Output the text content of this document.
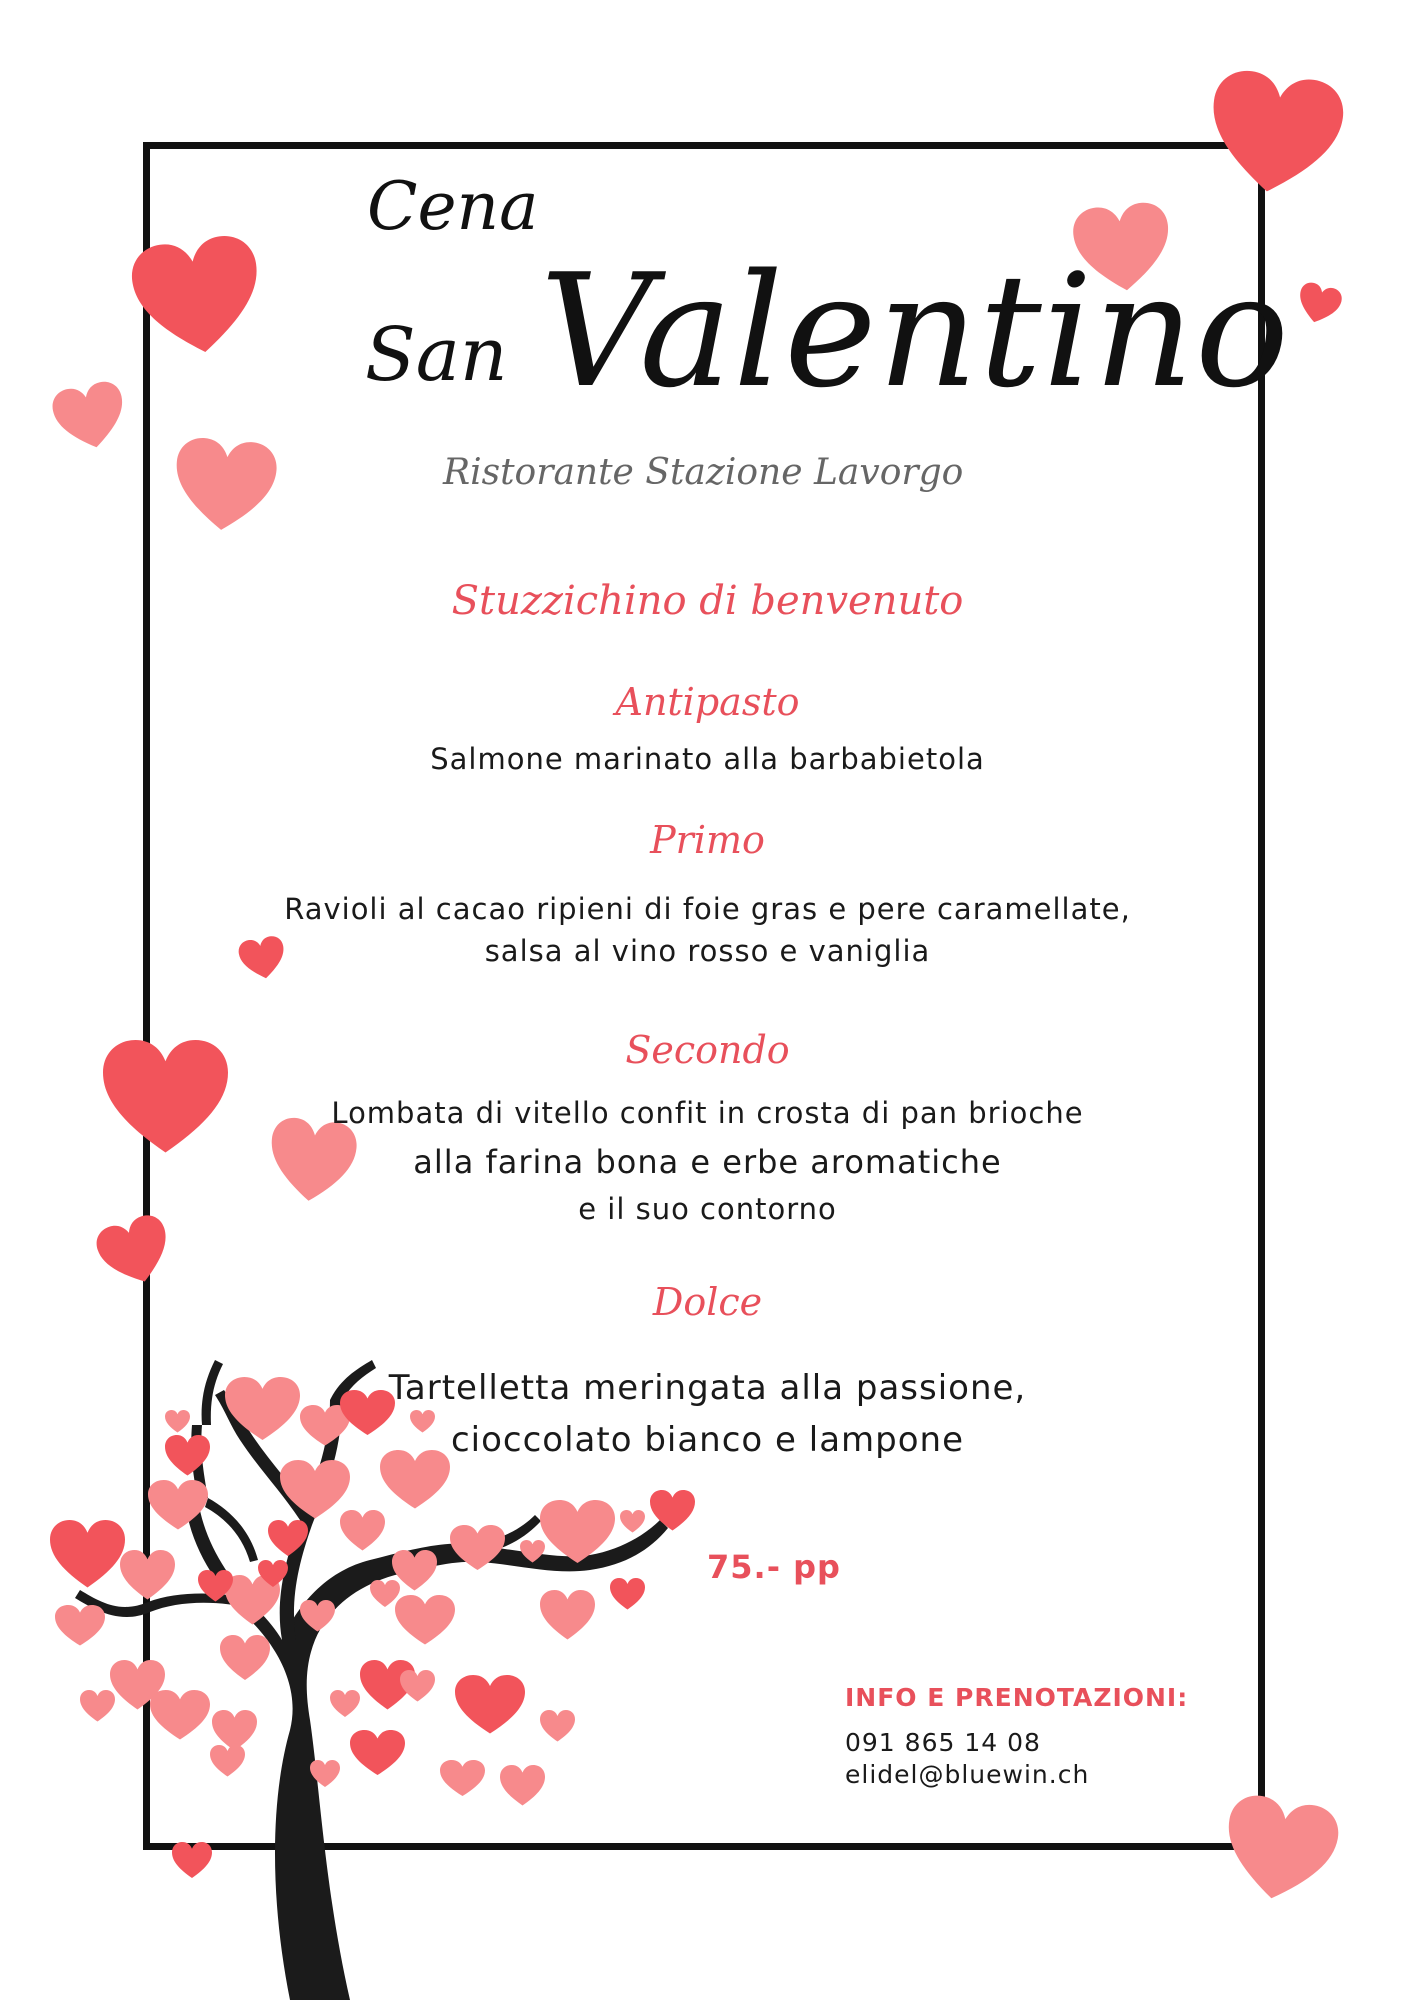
Cena
San Valentino
Ristorante Stazione Lavorgo
Stuzzichino di benvenuto
Antipasto
Salmone marinato alla barbabietola
Primo
Ravioli al cacao ripieni di foie gras e pere caramellate,
salsa al vino rosso e vaniglia
Secondo
Lombata di vitello confit in crosta di pan brioche
alla farina bona e erbe aromatiche
e il suo contorno
Dolce
Tartelletta meringata alla passione,
cioccolato bianco e lampone
75.- pp
INFO E PRENOTAZIONI:
091 865 14 08
elidel@bluewin.ch
